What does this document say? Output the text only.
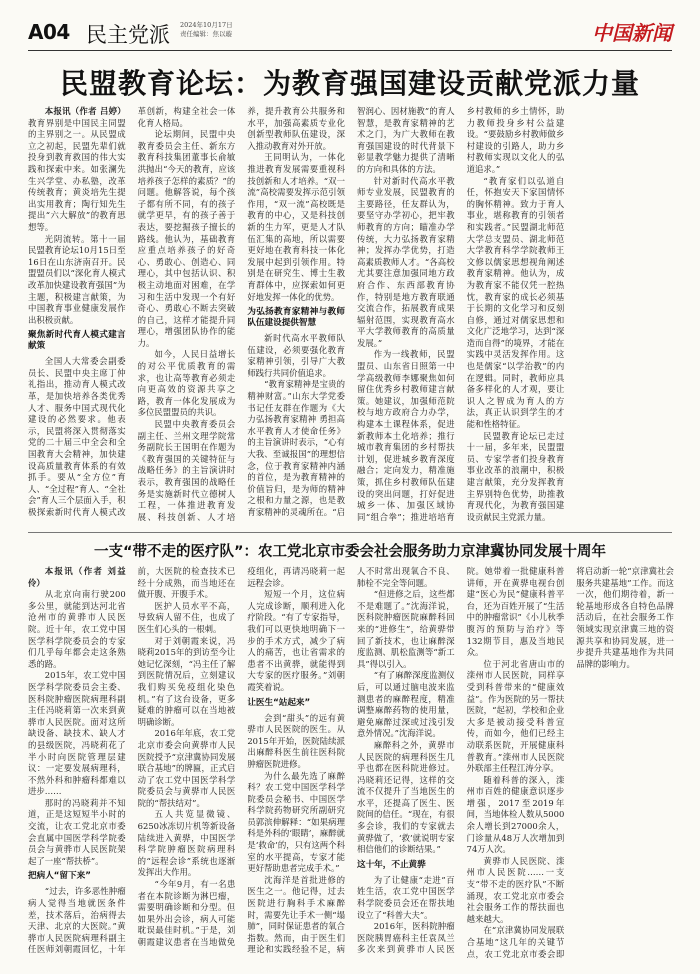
A04 民主党派 2024年10月17日
责任编辑：焦以璇	中国新闻
民盟教育论坛：为教育强国建设贡献党派力量

本报讯（作者 吕婷）教育界别是中国民主同盟的主界别之一。从民盟成立之初起，民盟先辈们就投身到教育救国的伟大实践和探索中来。如张澜先生兴学堂、办私塾，改革传统教育；黄炎培先生提出实用教育；陶行知先生提出“六大解放”的教育思想等。

光阴流转。第十一届民盟教育论坛10月15日至16日在山东济南召开。民盟盟员们以“深化育人模式改革加快建设教育强国”为主题，积极建言献策，为中国教育事业健康发展作出积极贡献。

聚焦新时代育人模式建言献策

全国人大常委会副委员长、民盟中央主席丁仲礼指出，推动育人模式改革，是加快培养各类优秀人才、服务中国式现代化建设的必然要求。他表示，民盟将深入贯彻落实党的二十届三中全会和全国教育大会精神，加快建设高质量教育体系的有效抓手。要从“全方位”育人、“全过程”育人、“全社会”育人三个层面入手，积极探索新时代育人模式改革创新，构建全社会一体化育人格局。

论坛期间，民盟中央教育委员会主任、新东方教育科技集团董事长俞敏洪抛出“今天的教育，应该培养孩子怎样的素质？”的问题。他解答说，每个孩子都有所不同，有的孩子就学更早，有的孩子善于表达，要挖掘孩子擅长的路线。他认为，基础教育应重点培养孩子的好奇心、勇敢心、创造心、同理心，其中包括认识、积极主动地面对困难，在学习和生活中发现一个有好奇心、勇敢心不断去突破的自己，这样才能提升同理心，增强团队协作的能力。

如今，人民日益增长的对公平优质教育的需求，也让高等教育必须走向更高效的资源共享之路，教育一体化发展成为多位民盟盟员的共识。

民盟中央教育委员会副主任、兰州文理学院常务副院长王国明在作题为《教育强国的关键特征与战略任务》的主旨演讲时表示，教育强国的战略任务是实施新时代立德树人工程，一体推进教育发展、科技创新、人才培养，提升教育公共服务和水平，加强高素质专业化创新型教师队伍建设，深入推动教育对外开放。

王同明认为，一体化推进教育发展需要重视科技创新和人才培养。“双一流”高校需要发挥示范引领作用，“双一流”高校既是教育的中心，又是科技创新的生力军，更是人才队伍汇集的高地，所以需要更好地在教育科技一体化发展中起到引领作用。特别是在研究生、博士生教育群体中，应探索如何更好地发挥一体化的优势。

为弘扬教育家精神与教师队伍建设提供智慧

新时代高水平教师队伍建设，必须要强化教育家精神引领，引导广大教师践行共同价值追求。

“教育家精神是宝贵的精神财富。”山东大学党委书记任友群在作题为《大力弘扬教育家精神 勇担高水平教育人才使命任务》的主旨演讲时表示，“心有大我、至诚报国”的理想信念，位于教育家精神内涵的首位，是为教育精神的价值旨归，是为师的精神之根和力量之源，也是教育家精神的灵魂所在。“启智润心、因材施教”的育人智慧，是教育家精神的艺术之门，为广大教师在教育强国建设的时代背景下彰显教学魅力提供了清晰的方向和具体的方法。

针对新时代高水平教师专业发展，民盟教育的主要路径，任友群认为，要坚守办学初心，把牢教师教育的方向；瞄准办学传统，大力弘扬教育家精神；发挥办学优势，打造高素质教师人才。“各高校尤其要注意加强同地方政府合作、东西部教育协作，特别是地方教育联通交流合作，拓展教育成果辐射范围，实现教育高水平大学教师教育的高质量发展。”

作为一线教师，民盟盟员、山东省日照第一中学高级教师李娜聚焦如何留住优秀乡村教师建言献策。她建议，加强师范院校与地方政府合力办学，构建本土课程体系，促进新教师本土化培养；推行城市教育集团的乡村帮扶计划，促进城乡教育深度融合；定向发力，精准施策，抓住乡村教师队伍建设的突出问题，打好促进城乡一体、加强区域协同“组合拳”；推进培培育乡村教师的乡土情怀，助力教师投身乡村公益建设。“要鼓励乡村教师做乡村建设的引路人，助力乡村教师实现以文化人的弘道追求。”

“教育家们以弘道自任，怀抱安天下家国情怀的胸怀精神。致力于育人事业，堪称教育的引领者和实践者。”民盟湖北师范大学总支盟员、湖北师范大学教育科学学院教师王文修以儒家思想视角阐述教育家精神。他认为，成为教育家不能仅凭一腔热忱，教育家的成长必须基于长期的文化学习和反刻自修，通过对儒家思想和文化广泛地学习，达到“深造而自得”的境界，才能在实践中灵活发挥作用。这也是儒家“以学治教”的内在逻辑。同时，教师应具备多样化的人才观，要让识人之智成为育人的方法，真正认识到学生的才能和性格特征。

民盟教育论坛已走过十一届，多年来，民盟盟员、专家学者们投身教育事业改革的浪潮中，积极建言献策，充分发挥教育主界别特色优势，助推教育现代化，为教育强国建设贡献民主党派力量。

一支“带不走的医疗队”：农工党北京市委会社会服务助力京津冀协同发展十周年

本报讯（作者 刘益伶）

从北京向南行驶200多公里，就能到达河北省沧州市的黄骅市人民医院。近十年，农工党中国医学科学院委员会的专家们几乎每年都会走这条熟悉的路。

2015年，农工党中国医学科学院委员会主委、医科院肿瘤医院病理科副主任冯晓莉第一次来到黄骅市人民医院。面对这所缺设备、缺技术、缺人才的县级医院，冯晓莉花了半小时向医院管理层建议：一定要发展病理科，不然外科和肿瘤科都难以进步……

那时的冯晓莉并不知道，正是这短短半小时的交流，让农工党北京市委会直属中国医学科学院委员会与黄骅市人民医院架起了一座“帮扶桥”。

把病人“留下来”

“过去，许多恶性肿瘤病人觉得当地就医条件差，技术落后，治病得去天津、北京的大医院。”黄骅市人民医院病理科副主任医师刘朝霞回忆，十年前，大医院的检查技术已经十分成熟，而当地还在做开腹、开腹手术。

医护人员水平不高，导致病人留不住，也成了医生们心头的一根刺。

对于刘朝霞来说，冯晓莉2015年的到访至今让她记忆深刻，“冯主任了解到医院情况后，立刻建议我们购买免疫组化染色机。”有了这台设备，更多疑难的肿瘤可以在当地被明确诊断。

2016年年底，农工党北京市委会向黄骅市人民医院授予“京津冀协同发展联合基地”的牌匾，正式启动了农工党中国医学科学院委员会与黄骅市人民医院的“帮扶结对”。

五人共览显微镜、6250冰冻切片机等新设备陆续进入黄骅，中国医学科学院肿瘤医院病理科的“远程会诊”系统也逐渐发挥出大作用。

“今年9月，有一名患者在本院诊断为淋巴瘤，需要明确诊断和分型。但如果外出会诊，病人可能耽误最佳时机。”于是，刘朝霞建议患者在当地做免疫组化，再请冯晓莉一起远程会诊。

短短一个月，这位病人完成诊断，顺利进入化疗阶段。“有了专家指导，我们可以更快地明确下一步的手术方式，减少了病人的痛苦，也让省需求的患者不出黄骅，就能得到大专家的医疗服务。”刘朝霞笑着说。

让医生“站起来”

会到“甜头”的远有黄骅市人民医院的医生。从2015年开始，医院陆续派出麻醉科医生前往医科院肿瘤医院进修。

为什么最先选了麻醉科？农工党中国医学科学院委员会秘书、中国医学科学院药物研究所副研究员郭滨伸解释：“如果病理科是外科的‘眼睛’，麻醉就是‘救命’的，只有这两个科室的水平提高，专家才能更好帮助患者完成手术。”

沈海洋是首批进修的医生之一。他记得，过去医院进行胸科手术麻醉时，需要先让手术一侧“塌肺”，同时保证患者的氧合指数。然而，由于医生们理论和实践经验不足，病人不时常出现氧合不良、肺栓不完全等问题。

“但进修之后，这些都不是难题了。”沈海洋说，医科院肿瘤医院麻醉科回来的“进修生”，给黄骅带回了新技术，也让麻醉深度监测、肌松监测等“新工具”得以引入。

“有了麻醉深度监测仪后，可以通过脑电波来监测患者的麻醉程度，精准调整麻醉药物的使用量，避免麻醉过深或过浅引发意外情况。”沈海洋说。

麻醉科之外，黄骅市人民医院的病理科医生几乎也都在医科院进修过。冯晓莉还记得，这样的交流不仅提升了当地医生的水平，还提高了医生、医院间的信任。“现在，有很多会诊，我们的专家就去黄骅做了，‘救’就说明专家相信他们的诊断结果。”

这十年，不止黄骅

为了让健康“走进”百姓生活，农工党中国医学科学院委员会还在帮扶地设立了“科普大夫”。

2016年，医科院肿瘤医院胰胃癌科主任袁凤兰多次来到黄骅市人民医院。她带着一批健康科普讲师，开在黄骅电视台创建“医心为民”健康科普平台，还为百姓开展了“生活中的肿瘤常识”《小儿秋季腹泻的预防与治疗》等132期节目，惠及当地民众。

位于河北省唐山市的滦州市人民医院，同样享受到科普带来的“健康效益”。作为医院的另一帮扶医院，“起初，学校和企业大多是被动接受科普宣传，而如今，他们已经主动联系医院，开展健康科普教育。”滦州市人民医院外联部主任程江涛分享。

随着科普的深入，滦州市百姓的健康意识逐步增强，2017至2019年间，当地体检人数从5000余人增长到27000余人，门诊量从48万人次增加到74万人次。

黄骅市人民医院、滦州市人民医院……一支支“带不走的医疗队”不断涌现，农工党北京市委会社会服务工作的帮扶面也越来越大。

在“京津冀协同发展联合基地”这几年的关键节点，农工党北京市委会即将启动新一轮“京津冀社会服务共建基地”工作。而这一次，他们期待着，新一轮基地形成各自特色品牌活动后，在社会服务工作领域实现京津冀三地的资源共享和协同发展，进一步提升共建基地作为共同品牌的影响力。
